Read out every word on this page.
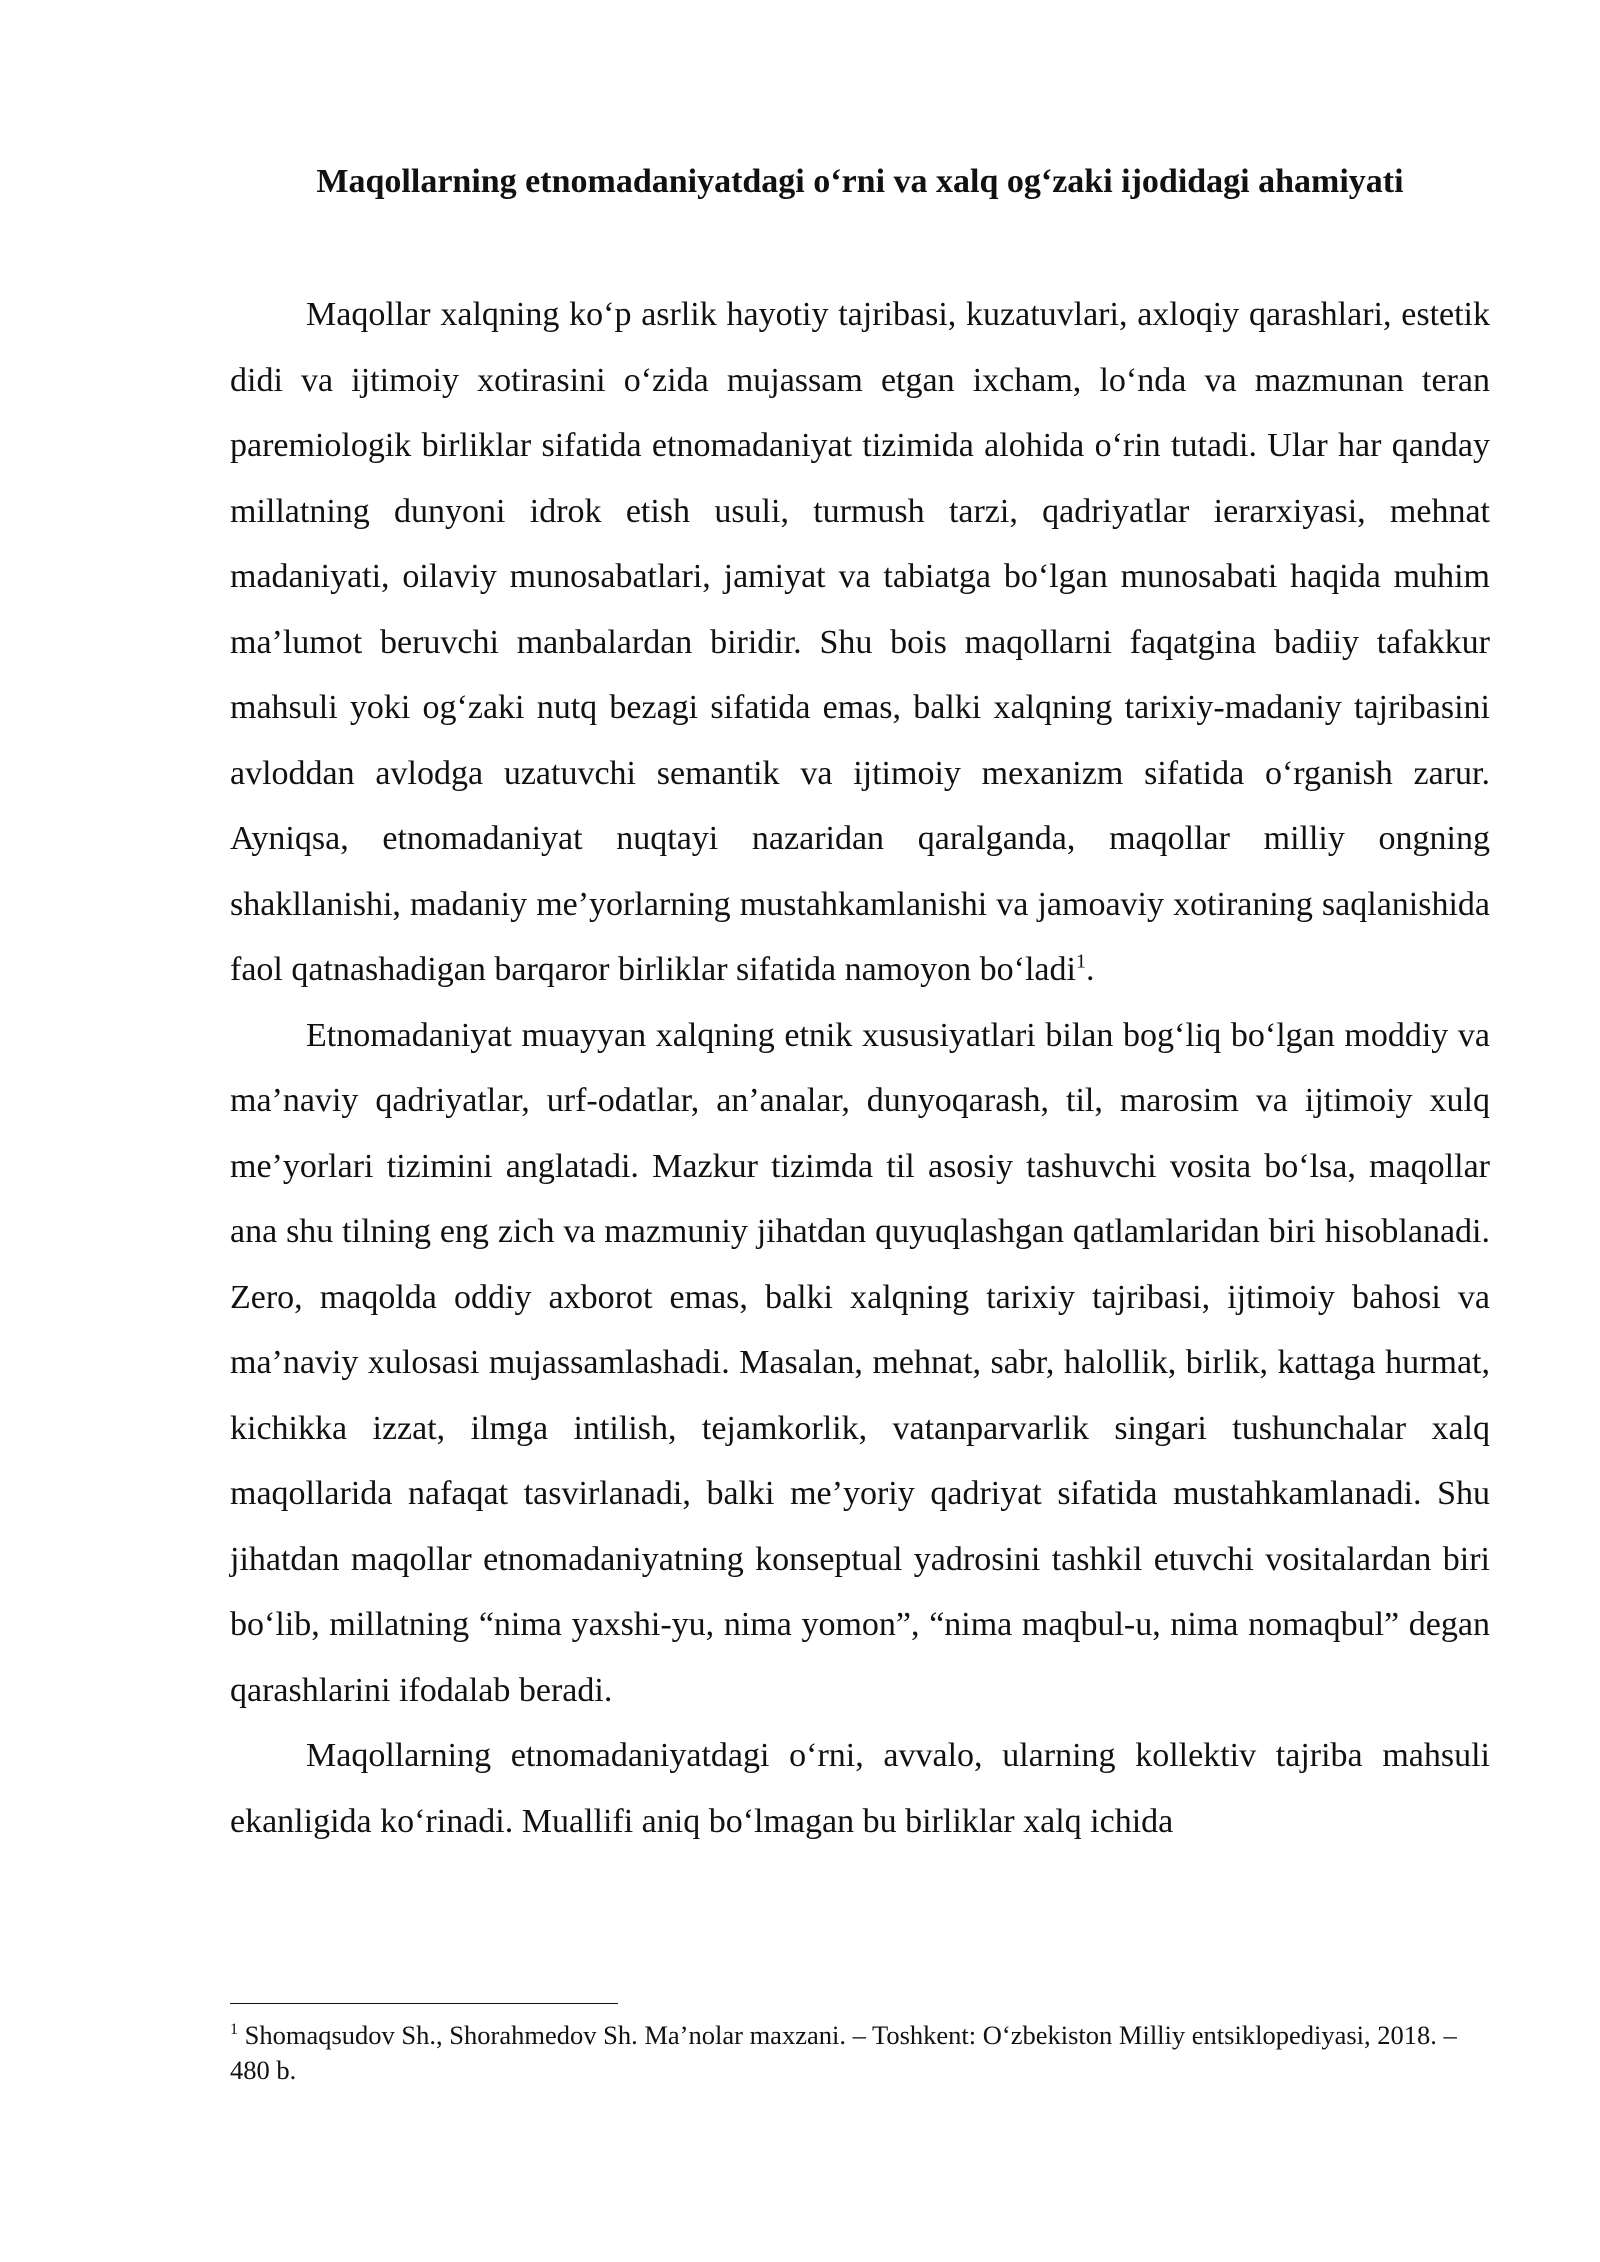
Maqollarning etnomadaniyatdagi o‘rni va xalq og‘zaki ijodidagi ahamiyati

Maqollar xalqning ko‘p asrlik hayotiy tajribasi, kuzatuvlari, axloqiy qarashlari, estetik didi va ijtimoiy xotirasini o‘zida mujassam etgan ixcham, lo‘nda va mazmunan teran paremiologik birliklar sifatida etnomadaniyat tizimida alohida o‘rin tutadi. Ular har qanday millatning dunyoni idrok etish usuli, turmush tarzi, qadriyatlar ierarxiyasi, mehnat madaniyati, oilaviy munosabatlari, jamiyat va tabiatga bo‘lgan munosabati haqida muhim ma’lumot beruvchi manbalardan biridir. Shu bois maqollarni faqatgina badiiy tafakkur mahsuli yoki og‘zaki nutq bezagi sifatida emas, balki xalqning tarixiy-madaniy tajribasini avloddan avlodga uzatuvchi semantik va ijtimoiy mexanizm sifatida o‘rganish zarur. Ayniqsa, etnomadaniyat nuqtayi nazaridan qaralganda, maqollar milliy ongning shakllanishi, madaniy me’yorlarning mustahkamlanishi va jamoaviy xotiraning saqlanishida faol qatnashadigan barqaror birliklar sifatida namoyon bo‘ladi$^1$.

Etnomadaniyat muayyan xalqning etnik xususiyatlari bilan bog‘liq bo‘lgan moddiy va ma’naviy qadriyatlar, urf-odatlar, an’analar, dunyoqarash, til, marosim va ijtimoiy xulq me’yorlari tizimini anglatadi. Mazkur tizimda til asosiy tashuvchi vosita bo‘lsa, maqollar ana shu tilning eng zich va mazmuniy jihatdan quyuqlashgan qatlamlaridan biri hisoblanadi. Zero, maqolda oddiy axborot emas, balki xalqning tarixiy tajribasi, ijtimoiy bahosi va ma’naviy xulosasi mujassamlashadi. Masalan, mehnat, sabr, halollik, birlik, kattaga hurmat, kichikka izzat, ilmga intilish, tejamkorlik, vatanparvarlik singari tushunchalar xalq maqollarida nafaqat tasvirlanadi, balki me’yoriy qadriyat sifatida mustahkamlanadi. Shu jihatdan maqollar etnomadaniyatning konseptual yadrosini tashkil etuvchi vositalardan biri bo‘lib, millatning “nima yaxshi-yu, nima yomon”, “nima maqbul-u, nima nomaqbul” degan qarashlarini ifodalab beradi.

Maqollarning etnomadaniyatdagi o‘rni, avvalo, ularning kollektiv tajriba mahsuli ekanligida ko‘rinadi. Muallifi aniq bo‘lmagan bu birliklar xalq ichida

$^1$ Shomaqsudov Sh., Shorahmedov Sh. Ma’nolar maxzani. – Toshkent: O‘zbekiston Milliy entsiklopediyasi, 2018. – 480 b.
